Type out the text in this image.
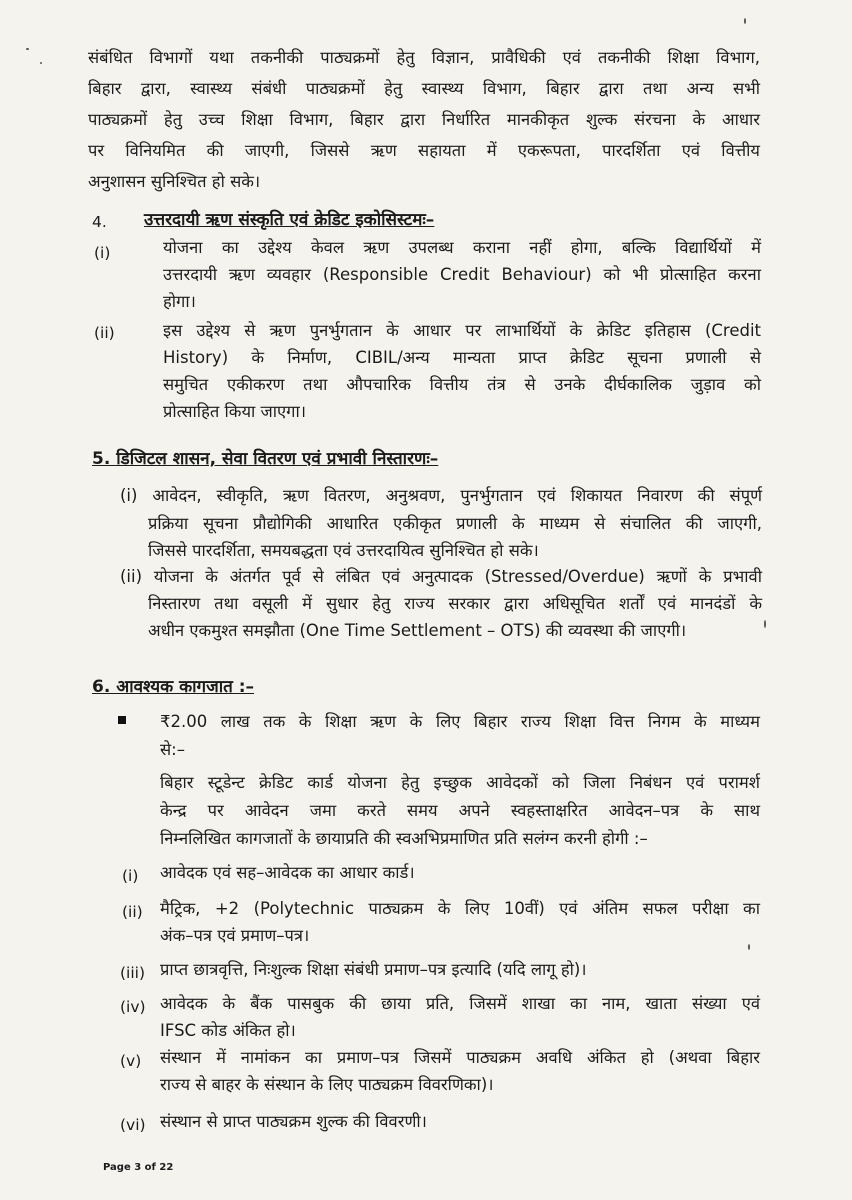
संबंधित विभागों यथा तकनीकी पाठ्यक्रमों हेतु विज्ञान, प्रावैधिकी एवं तकनीकी शिक्षा विभाग,
बिहार द्वारा, स्वास्थ्य संबंधी पाठ्यक्रमों हेतु स्वास्थ्य विभाग, बिहार द्वारा तथा अन्य सभी
पाठ्यक्रमों हेतु उच्च शिक्षा विभाग, बिहार द्वारा निर्धारित मानकीकृत शुल्क संरचना के आधार
पर विनियमित की जाएगी, जिससे ऋण सहायता में एकरूपता, पारदर्शिता एवं वित्तीय
अनुशासन सुनिश्चित हो सके।
4. उत्तरदायी ऋण संस्कृति एवं क्रेडिट इकोसिस्टमः–
(i)	योजना का उद्देश्य केवल ऋण उपलब्ध कराना नहीं होगा, बल्कि विद्यार्थियों में
उत्तरदायी ऋण व्यवहार (Responsible Credit Behaviour) को भी प्रोत्साहित करना
होगा।
(ii)	इस उद्देश्य से ऋण पुनर्भुगतान के आधार पर लाभार्थियों के क्रेडिट इतिहास (Credit
History) के निर्माण, CIBIL/अन्य मान्यता प्राप्त क्रेडिट सूचना प्रणाली से
समुचित एकीकरण तथा औपचारिक वित्तीय तंत्र से उनके दीर्घकालिक जुड़ाव को
प्रोत्साहित किया जाएगा।
5. डिजिटल शासन, सेवा वितरण एवं प्रभावी निस्तारणः–
(i) आवेदन, स्वीकृति, ऋण वितरण, अनुश्रवण, पुनर्भुगतान एवं शिकायत निवारण की संपूर्ण
प्रक्रिया सूचना प्रौद्योगिकी आधारित एकीकृत प्रणाली के माध्यम से संचालित की जाएगी,
जिससे पारदर्शिता, समयबद्धता एवं उत्तरदायित्व सुनिश्चित हो सके।
(ii) योजना के अंतर्गत पूर्व से लंबित एवं अनुत्पादक (Stressed/Overdue) ऋणों के प्रभावी
निस्तारण तथा वसूली में सुधार हेतु राज्य सरकार द्वारा अधिसूचित शर्तों एवं मानदंडों के
अधीन एकमुश्त समझौता (One Time Settlement – OTS) की व्यवस्था की जाएगी।
6. आवश्यक कागजात :–
₹2.00 लाख तक के शिक्षा ऋण के लिए बिहार राज्य शिक्षा वित्त निगम के माध्यम
से:–
बिहार स्टूडेन्ट क्रेडिट कार्ड योजना हेतु इच्छुक आवेदकों को जिला निबंधन एवं परामर्श
केन्द्र पर आवेदन जमा करते समय अपने स्वहस्ताक्षरित आवेदन–पत्र के साथ
निम्नलिखित कागजातों के छायाप्रति की स्वअभिप्रमाणित प्रति सलंग्न करनी होगी :–
(i) आवेदक एवं सह–आवेदक का आधार कार्ड।
(ii) मैट्रिक, +2 (Polytechnic पाठ्यक्रम के लिए 10वीं) एवं अंतिम सफल परीक्षा का
अंक–पत्र एवं प्रमाण–पत्र।
(iii) प्राप्त छात्रवृत्ति, निःशुल्क शिक्षा संबंधी प्रमाण–पत्र इत्यादि (यदि लागू हो)।
(iv) आवेदक के बैंक पासबुक की छाया प्रति, जिसमें शाखा का नाम, खाता संख्या एवं
IFSC कोड अंकित हो।
(v) संस्थान में नामांकन का प्रमाण–पत्र जिसमें पाठ्यक्रम अवधि अंकित हो (अथवा बिहार
राज्य से बाहर के संस्थान के लिए पाठ्यक्रम विवरणिका)।
(vi) संस्थान से प्राप्त पाठ्यक्रम शुल्क की विवरणी।
Page 3 of 22
